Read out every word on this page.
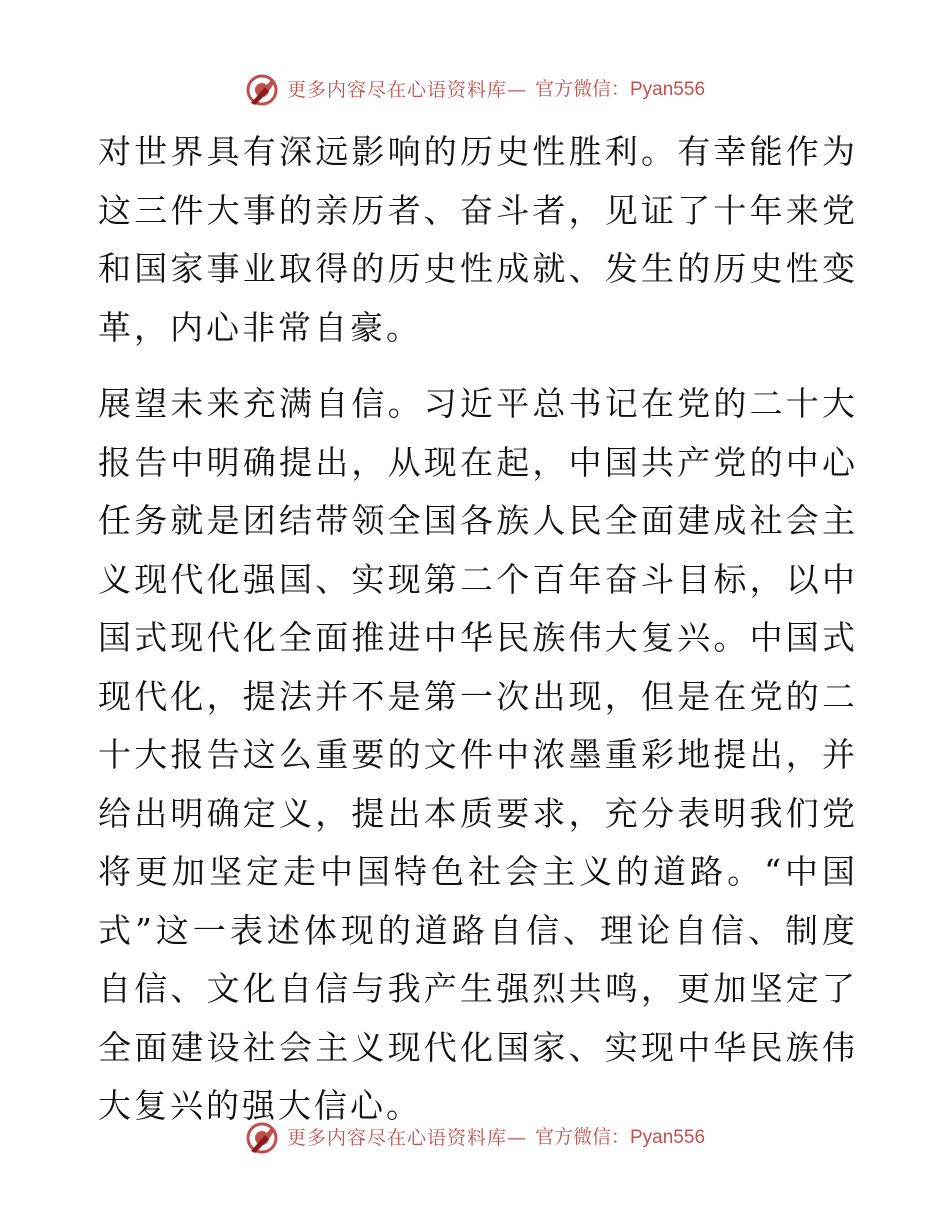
更多内容尽在心语资料库— 官方微信：Pyan556

对世界具有深远影响的历史性胜利。有幸能作为这三件大事的亲历者、奋斗者，见证了十年来党和国家事业取得的历史性成就、发生的历史性变革，内心非常自豪。

展望未来充满自信。习近平总书记在党的二十大报告中明确提出，从现在起，中国共产党的中心任务就是团结带领全国各族人民全面建成社会主义现代化强国、实现第二个百年奋斗目标，以中国式现代化全面推进中华民族伟大复兴。中国式现代化，提法并不是第一次出现，但是在党的二十大报告这么重要的文件中浓墨重彩地提出，并给出明确定义，提出本质要求，充分表明我们党将更加坚定走中国特色社会主义的道路。“中国式”这一表述体现的道路自信、理论自信、制度自信、文化自信与我产生强烈共鸣，更加坚定了全面建设社会主义现代化国家、实现中华民族伟大复兴的强大信心。

更多内容尽在心语资料库— 官方微信：Pyan556
